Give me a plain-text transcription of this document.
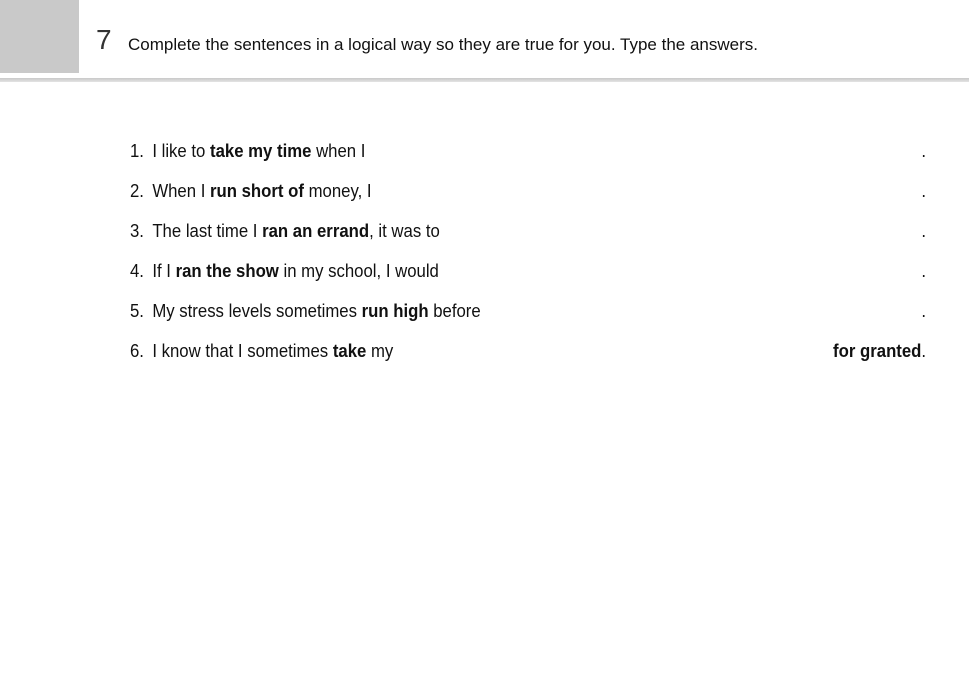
7 Complete the sentences in a logical way so they are true for you. Type the answers.
1. I like to take my time when I	.
2. When I run short of money, I	.
3. The last time I ran an errand, it was to	.
4. If I ran the show in my school, I would	.
5. My stress levels sometimes run high before	.
6. I know that I sometimes take my	for granted.
